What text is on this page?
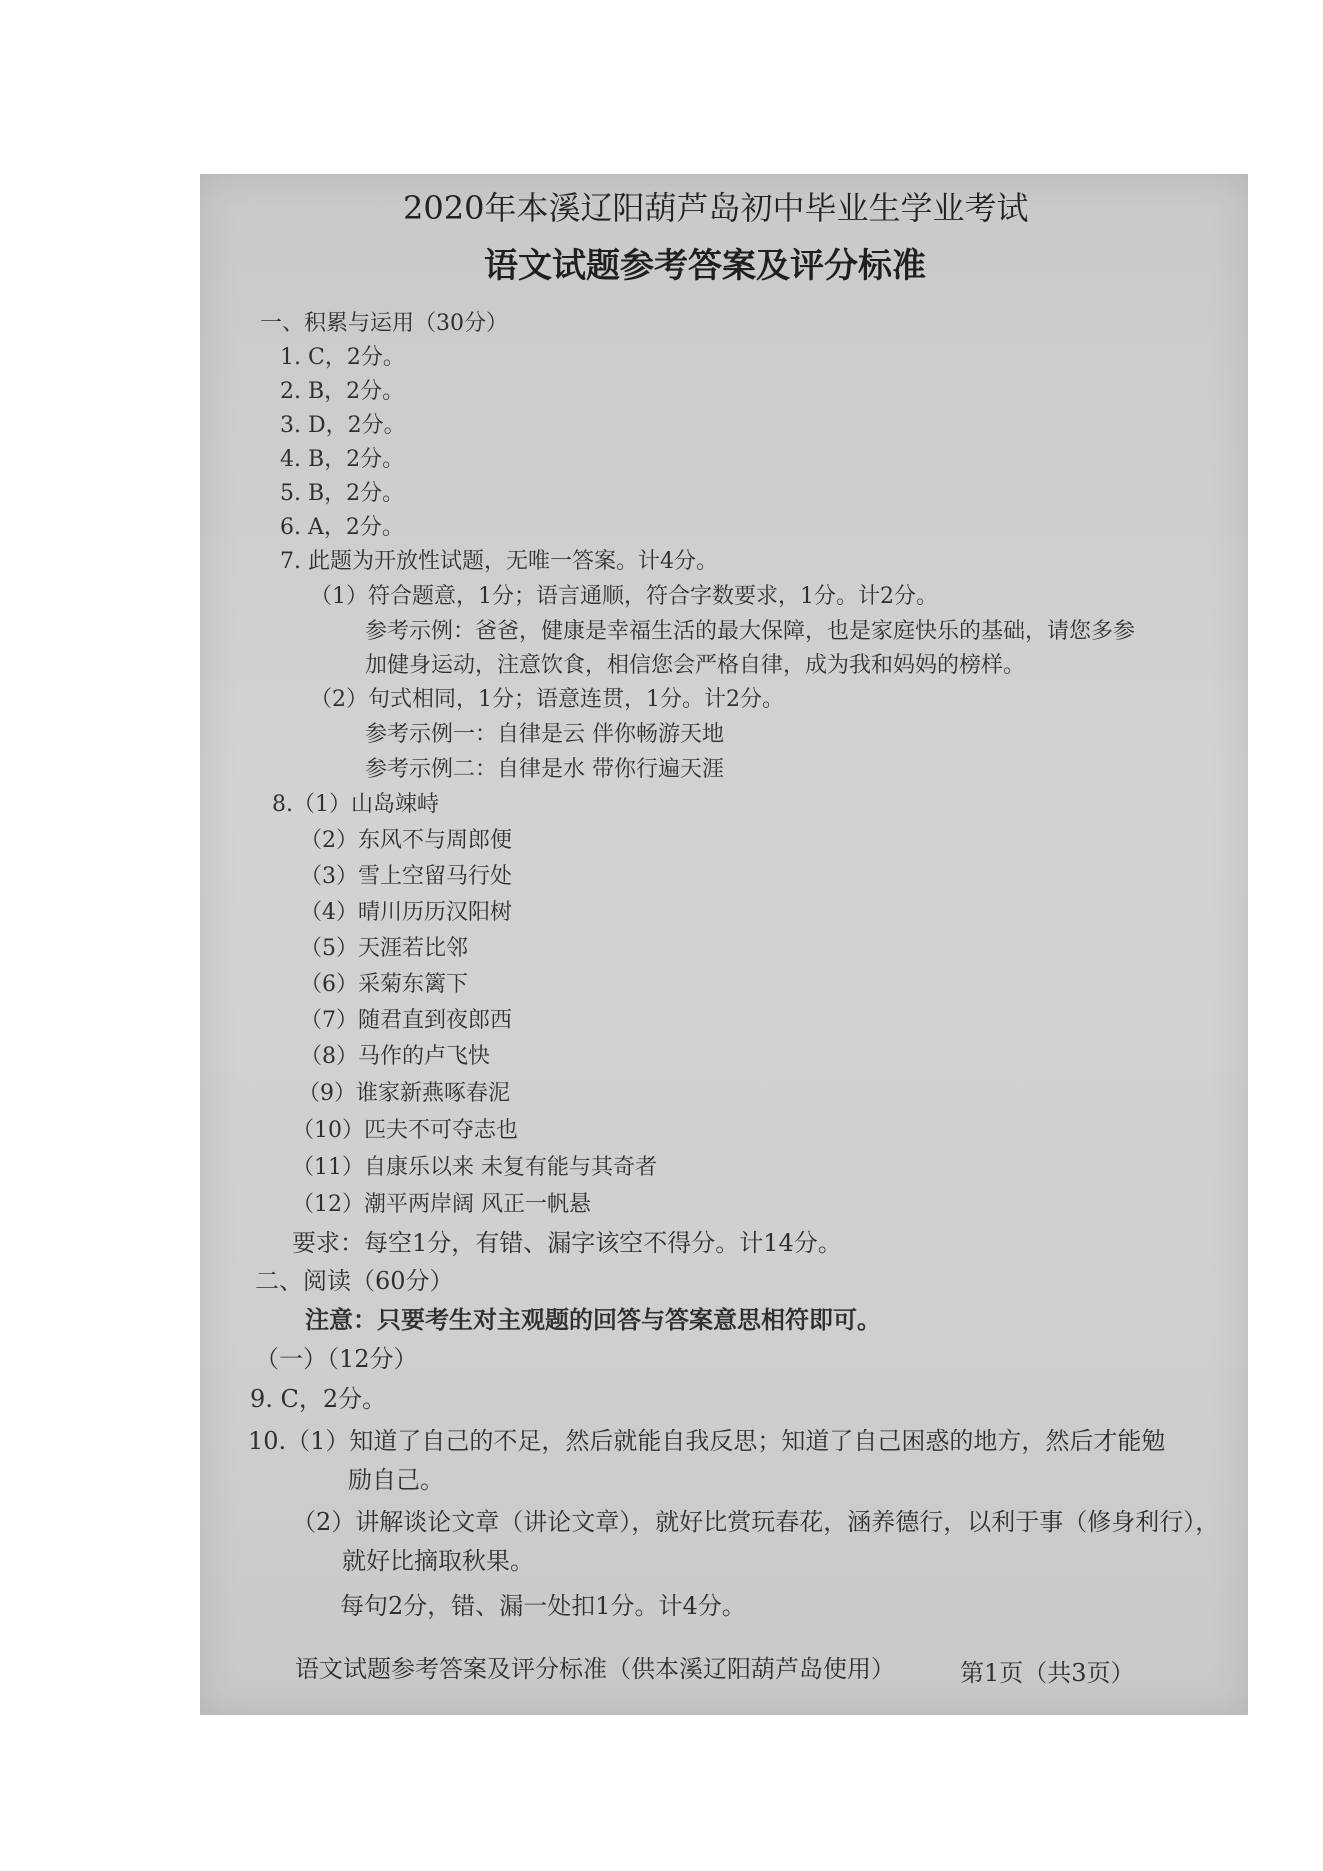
2020年本溪辽阳葫芦岛初中毕业生学业考试
语文试题参考答案及评分标准
一、积累与运用（30分）
1. C，2分。
2. B，2分。
3. D，2分。
4. B，2分。
5. B，2分。
6. A，2分。
7. 此题为开放性试题，无唯一答案。计4分。
（1）符合题意，1分；语言通顺，符合字数要求，1分。计2分。
参考示例：爸爸，健康是幸福生活的最大保障，也是家庭快乐的基础，请您多参
加健身运动，注意饮食，相信您会严格自律，成为我和妈妈的榜样。
（2）句式相同，1分；语意连贯，1分。计2分。
参考示例一：自律是云 伴你畅游天地
参考示例二：自律是水 带你行遍天涯
8.（1）山岛竦峙
（2）东风不与周郎便
（3）雪上空留马行处
（4）晴川历历汉阳树
（5）天涯若比邻
（6）采菊东篱下
（7）随君直到夜郎西
（8）马作的卢飞快
（9）谁家新燕啄春泥
（10）匹夫不可夺志也
（11）自康乐以来 未复有能与其奇者
（12）潮平两岸阔 风正一帆悬
要求：每空1分，有错、漏字该空不得分。计14分。
二、阅读（60分）
注意：只要考生对主观题的回答与答案意思相符即可。
（一）（12分）
9. C，2分。
10.（1）知道了自己的不足，然后就能自我反思；知道了自己困惑的地方，然后才能勉
励自己。
（2）讲解谈论文章（讲论文章），就好比赏玩春花，涵养德行，以利于事（修身利行），
就好比摘取秋果。
每句2分，错、漏一处扣1分。计4分。
语文试题参考答案及评分标准（供本溪辽阳葫芦岛使用）	第1页（共3页）
